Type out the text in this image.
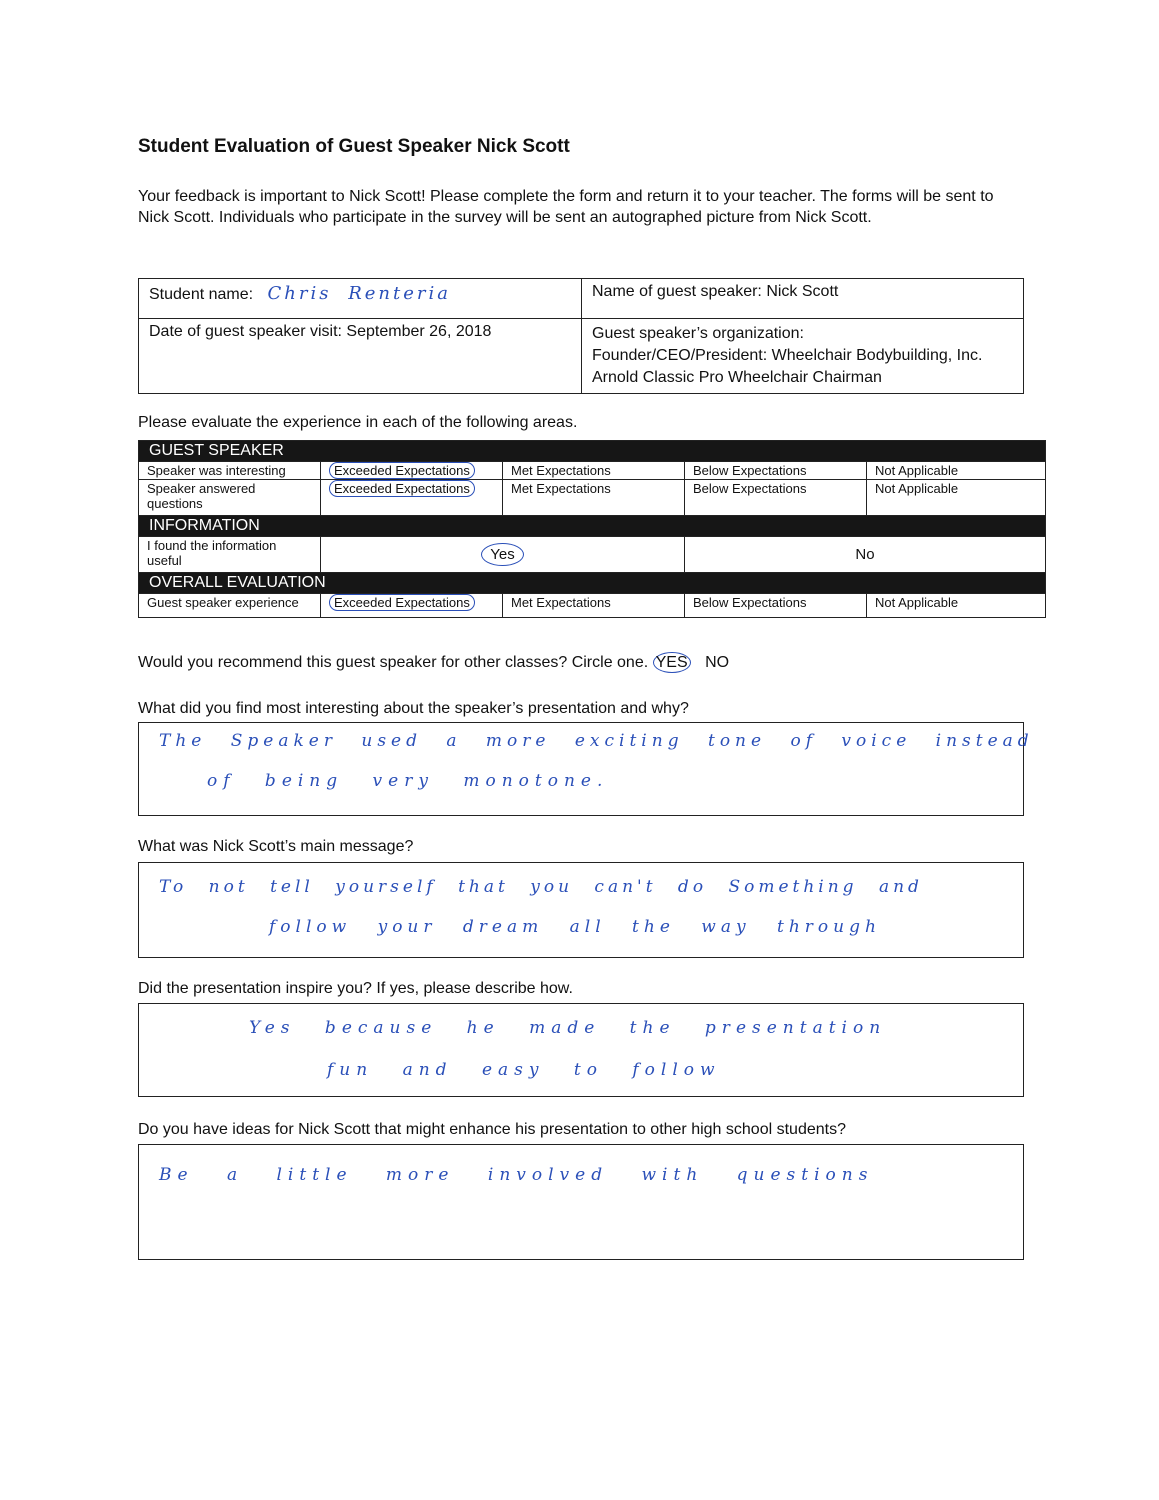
Student Evaluation of Guest Speaker Nick Scott
Your feedback is important to Nick Scott! Please complete the form and return it to your teacher. The forms will be sent to Nick Scott. Individuals who participate in the survey will be sent an autographed picture from Nick Scott.
Student name: Chris Renteria	Name of guest speaker: Nick Scott
Date of guest speaker visit: September 26, 2018	Guest speaker’s organization:
Founder/CEO/President: Wheelchair Bodybuilding, Inc.
Arnold Classic Pro Wheelchair Chairman
Please evaluate the experience in each of the following areas.
GUEST SPEAKER				
Speaker was interesting	Exceeded Expectations	Met Expectations	Below Expectations	Not Applicable
Speaker answered questions	Exceeded Expectations	Met Expectations	Below Expectations	Not Applicable
INFORMATION				
I found the information useful	Yes		No	
OVERALL EVALUATION				
Guest speaker experience	Exceeded Expectations	Met Expectations	Below Expectations	Not Applicable
Would you recommend this guest speaker for other classes? Circle one. YES NO
What did you find most interesting about the speaker’s presentation and why?
The Speaker used a more exciting tone of voice instead
of being very monotone.
What was Nick Scott’s main message?
To not tell yourself that you can't do Something and
follow your dream all the way through
Did the presentation inspire you? If yes, please describe how.
Yes because he made the presentation
fun and easy to follow
Do you have ideas for Nick Scott that might enhance his presentation to other high school students?
Be a little more involved with questions
